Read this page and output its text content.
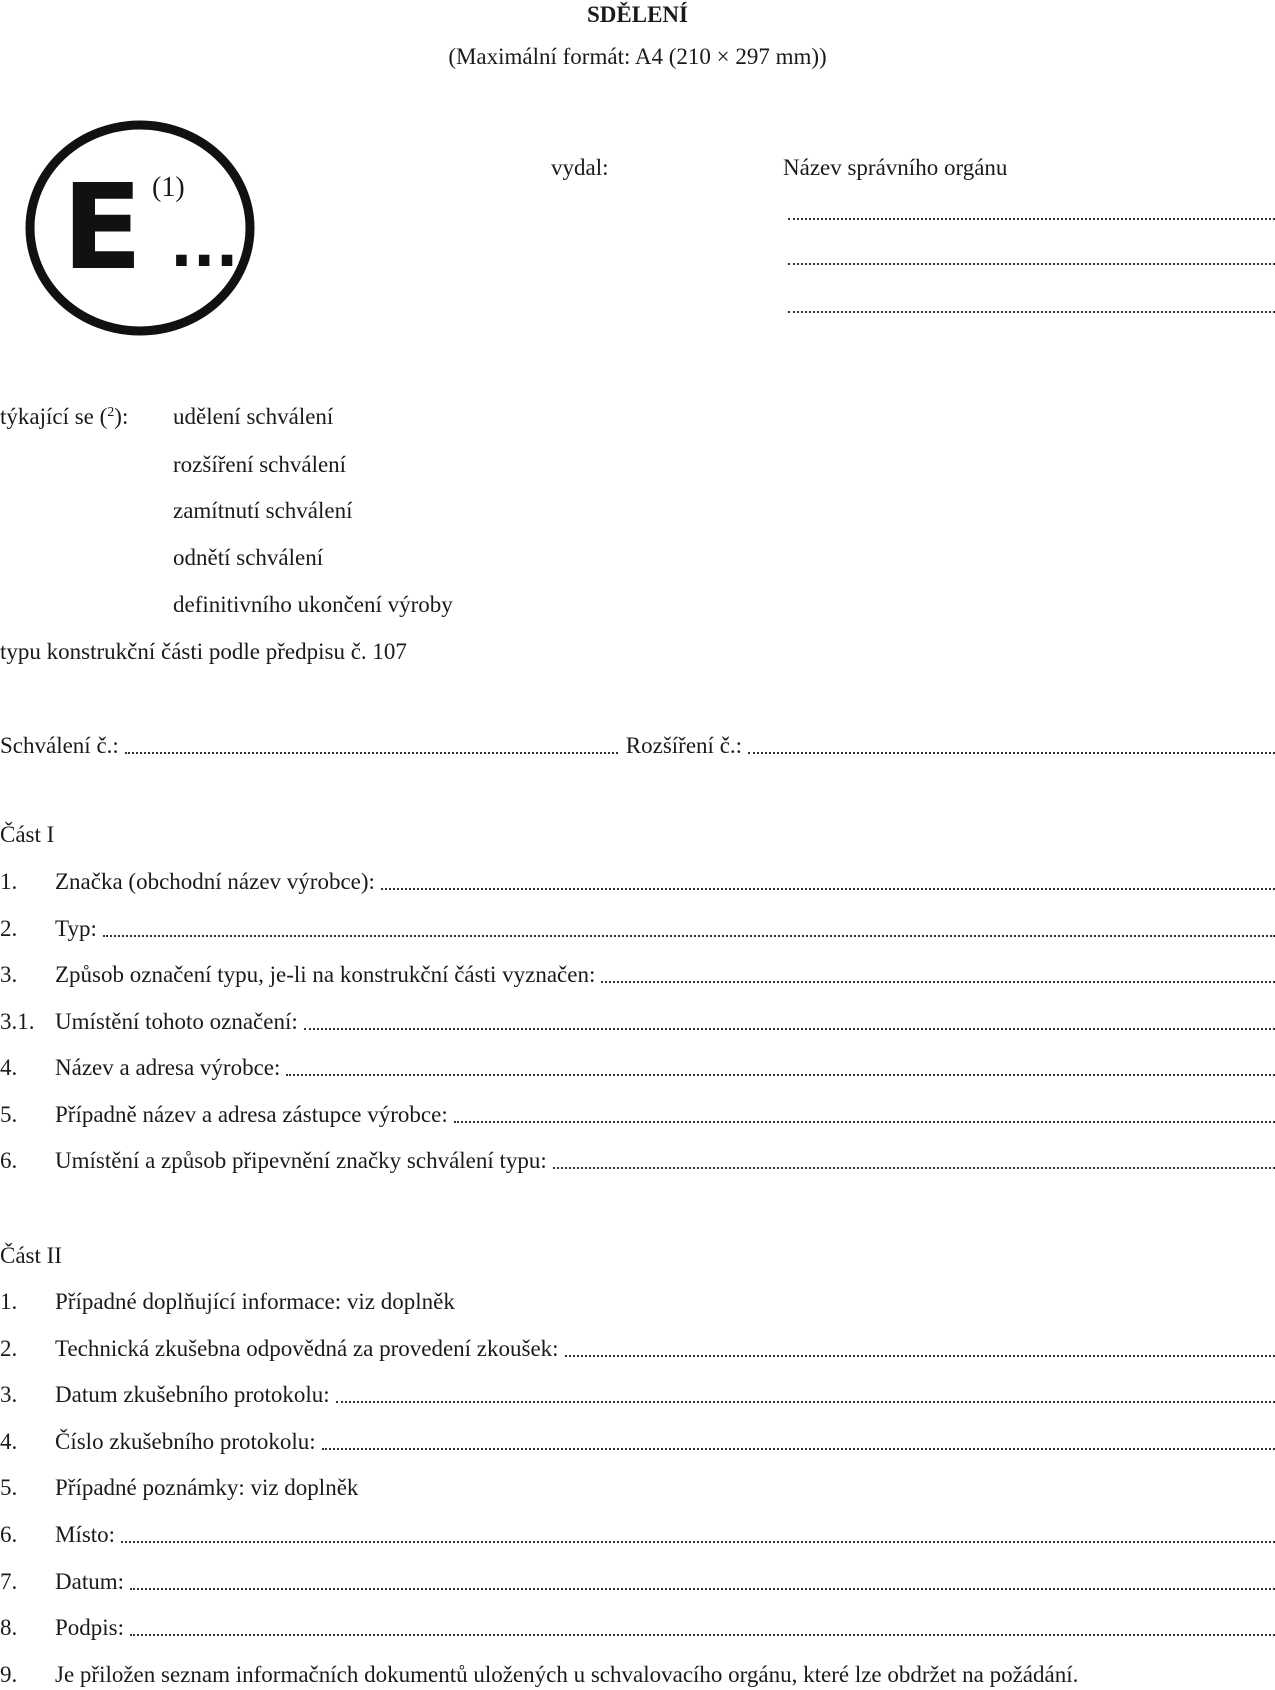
SDĚLENÍ
(Maximální formát: A4 (210 × 297 mm))
E ...
(1)
vydal:	Název správního orgánu
týkající se ($^2$): udělení schválení
rozšíření schválení
zamítnutí schválení
odnětí schválení
definitivního ukončení výroby
typu konstrukční části podle předpisu č. 107
Schválení č.:	Rozšíření č.:
Část I
1.	Značka (obchodní název výrobce):
2.	Typ:
3.	Způsob označení typu, je-li na konstrukční části vyznačen:
3.1. Umístění tohoto označení:
4.	Název a adresa výrobce:
5.	Případně název a adresa zástupce výrobce:
6.	Umístění a způsob připevnění značky schválení typu:
Část II
1.	Případné doplňující informace: viz doplněk
2.	Technická zkušebna odpovědná za provedení zkoušek:
3.	Datum zkušebního protokolu:
4.	Číslo zkušebního protokolu:
5.	Případné poznámky: viz doplněk
6.	Místo:
7.	Datum:
8.	Podpis:
9.	Je přiložen seznam informačních dokumentů uložených u schvalovacího orgánu, které lze obdržet na požádání.
